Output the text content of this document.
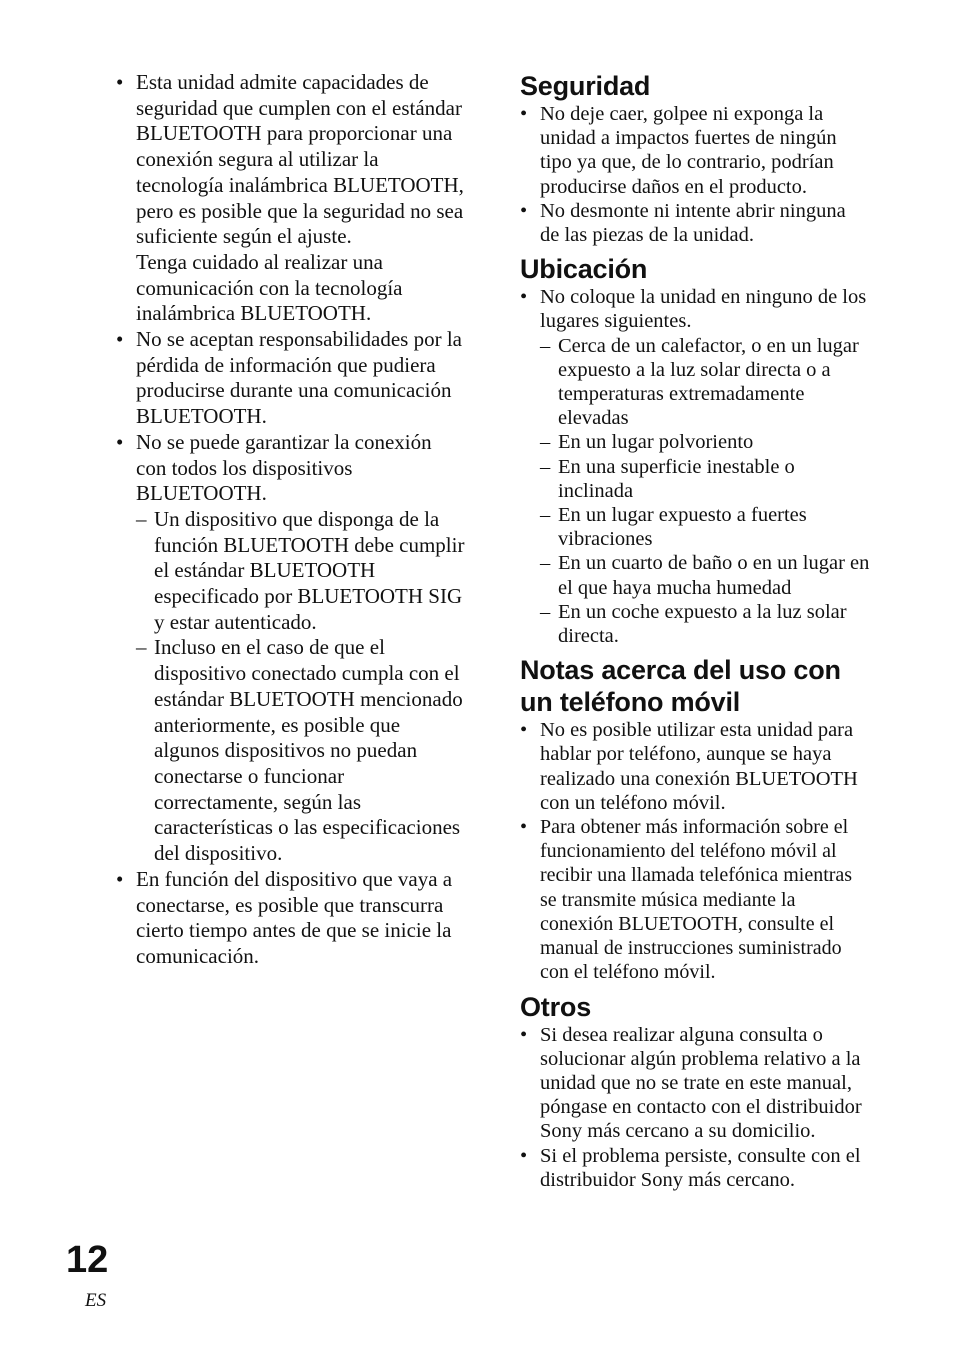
• Esta unidad admite capacidades de seguridad que cumplen con el estándar BLUETOOTH para proporcionar una conexión segura al utilizar la tecnología inalámbrica BLUETOOTH, pero es posible que la seguridad no sea suficiente según el ajuste.

Tenga cuidado al realizar una comunicación con la tecnología inalámbrica BLUETOOTH.

• No se aceptan responsabilidades por la pérdida de información que pudiera producirse durante una comunicación BLUETOOTH.

• No se puede garantizar la conexión con todos los dispositivos BLUETOOTH.

– Un dispositivo que disponga de la función BLUETOOTH debe cumplir el estándar BLUETOOTH especificado por BLUETOOTH SIG y estar autenticado.
– Incluso en el caso de que el dispositivo conectado cumpla con el estándar BLUETOOTH mencionado anteriormente, es posible que algunos dispositivos no puedan conectarse o funcionar correctamente, según las características o las especificaciones del dispositivo.

• En función del dispositivo que vaya a conectarse, es posible que transcurra cierto tiempo antes de que se inicie la comunicación.

Seguridad
• No deje caer, golpee ni exponga la unidad a impactos fuertes de ningún tipo ya que, de lo contrario, podrían producirse daños en el producto.
• No desmonte ni intente abrir ninguna de las piezas de la unidad.
Ubicación
• No coloque la unidad en ninguno de los lugares siguientes.
– Cerca de un calefactor, o en un lugar expuesto a la luz solar directa o a temperaturas extremadamente elevadas
– En un lugar polvoriento
– En una superficie inestable o inclinada
– En un lugar expuesto a fuertes vibraciones
– En un cuarto de baño o en un lugar en el que haya mucha humedad
– En un coche expuesto a la luz solar directa.
Notas acerca del uso con un teléfono móvil
• No es posible utilizar esta unidad para hablar por teléfono, aunque se haya realizado una conexión BLUETOOTH con un teléfono móvil.
• Para obtener más información sobre el funcionamiento del teléfono móvil al recibir una llamada telefónica mientras se transmite música mediante la conexión BLUETOOTH, consulte el manual de instrucciones suministrado con el teléfono móvil.
Otros
• Si desea realizar alguna consulta o solucionar algún problema relativo a la unidad que no se trate en este manual, póngase en contacto con el distribuidor Sony más cercano a su domicilio.
• Si el problema persiste, consulte con el distribuidor Sony más cercano.
12
ES
